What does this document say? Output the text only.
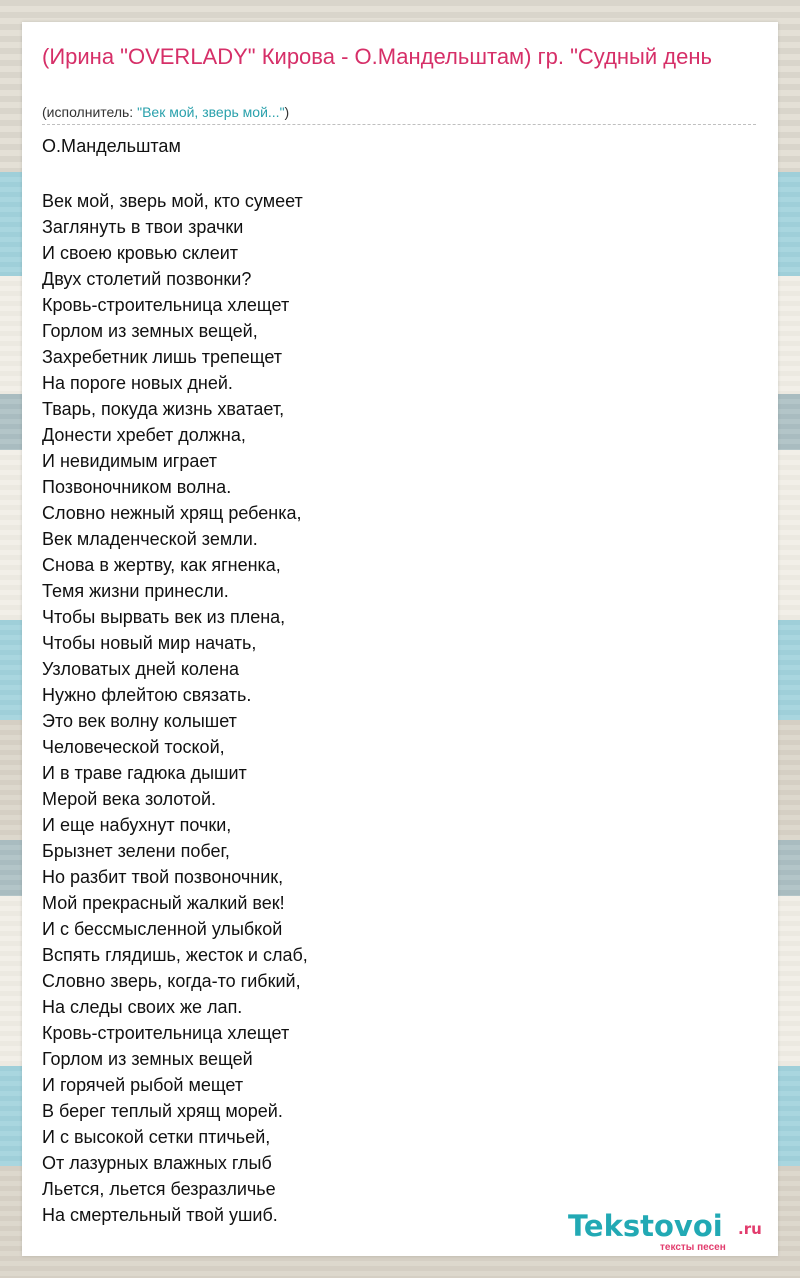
(Ирина "OVERLADY" Кирова - О.Мандельштам) гр. "Судный день
(исполнитель: "Век мой, зверь мой...")
О.Мандельштам
Век мой, зверь мой, кто сумеет
Заглянуть в твои зрачки
И своею кровью склеит
Двух столетий позвонки?
Кровь-строительница хлещет
Горлом из земных вещей,
Захребетник лишь трепещет
На пороге новых дней.
Тварь, покуда жизнь хватает,
Донести хребет должна,
И невидимым играет
Позвоночником волна.
Словно нежный хрящ ребенка,
Век младенческой земли.
Снова в жертву, как ягненка,
Темя жизни принесли.
Чтобы вырвать век из плена,
Чтобы новый мир начать,
Узловатых дней колена
Нужно флейтою связать.
Это век волну колышет
Человеческой тоской,
И в траве гадюка дышит
Мерой века золотой.
И еще набухнут почки,
Брызнет зелени побег,
Но разбит твой позвоночник,
Мой прекрасный жалкий век!
И с бессмысленной улыбкой
Вспять глядишь, жесток и слаб,
Словно зверь, когда-то гибкий,
На следы своих же лап.
Кровь-строительница хлещет
Горлом из земных вещей
И горячей рыбой мещет
В берег теплый хрящ морей.
И с высокой сетки птичьей,
От лазурных влажных глыб
Льется, льется безразличье
На смертельный твой ушиб.	Tekstovoi .ru
тексты песен
